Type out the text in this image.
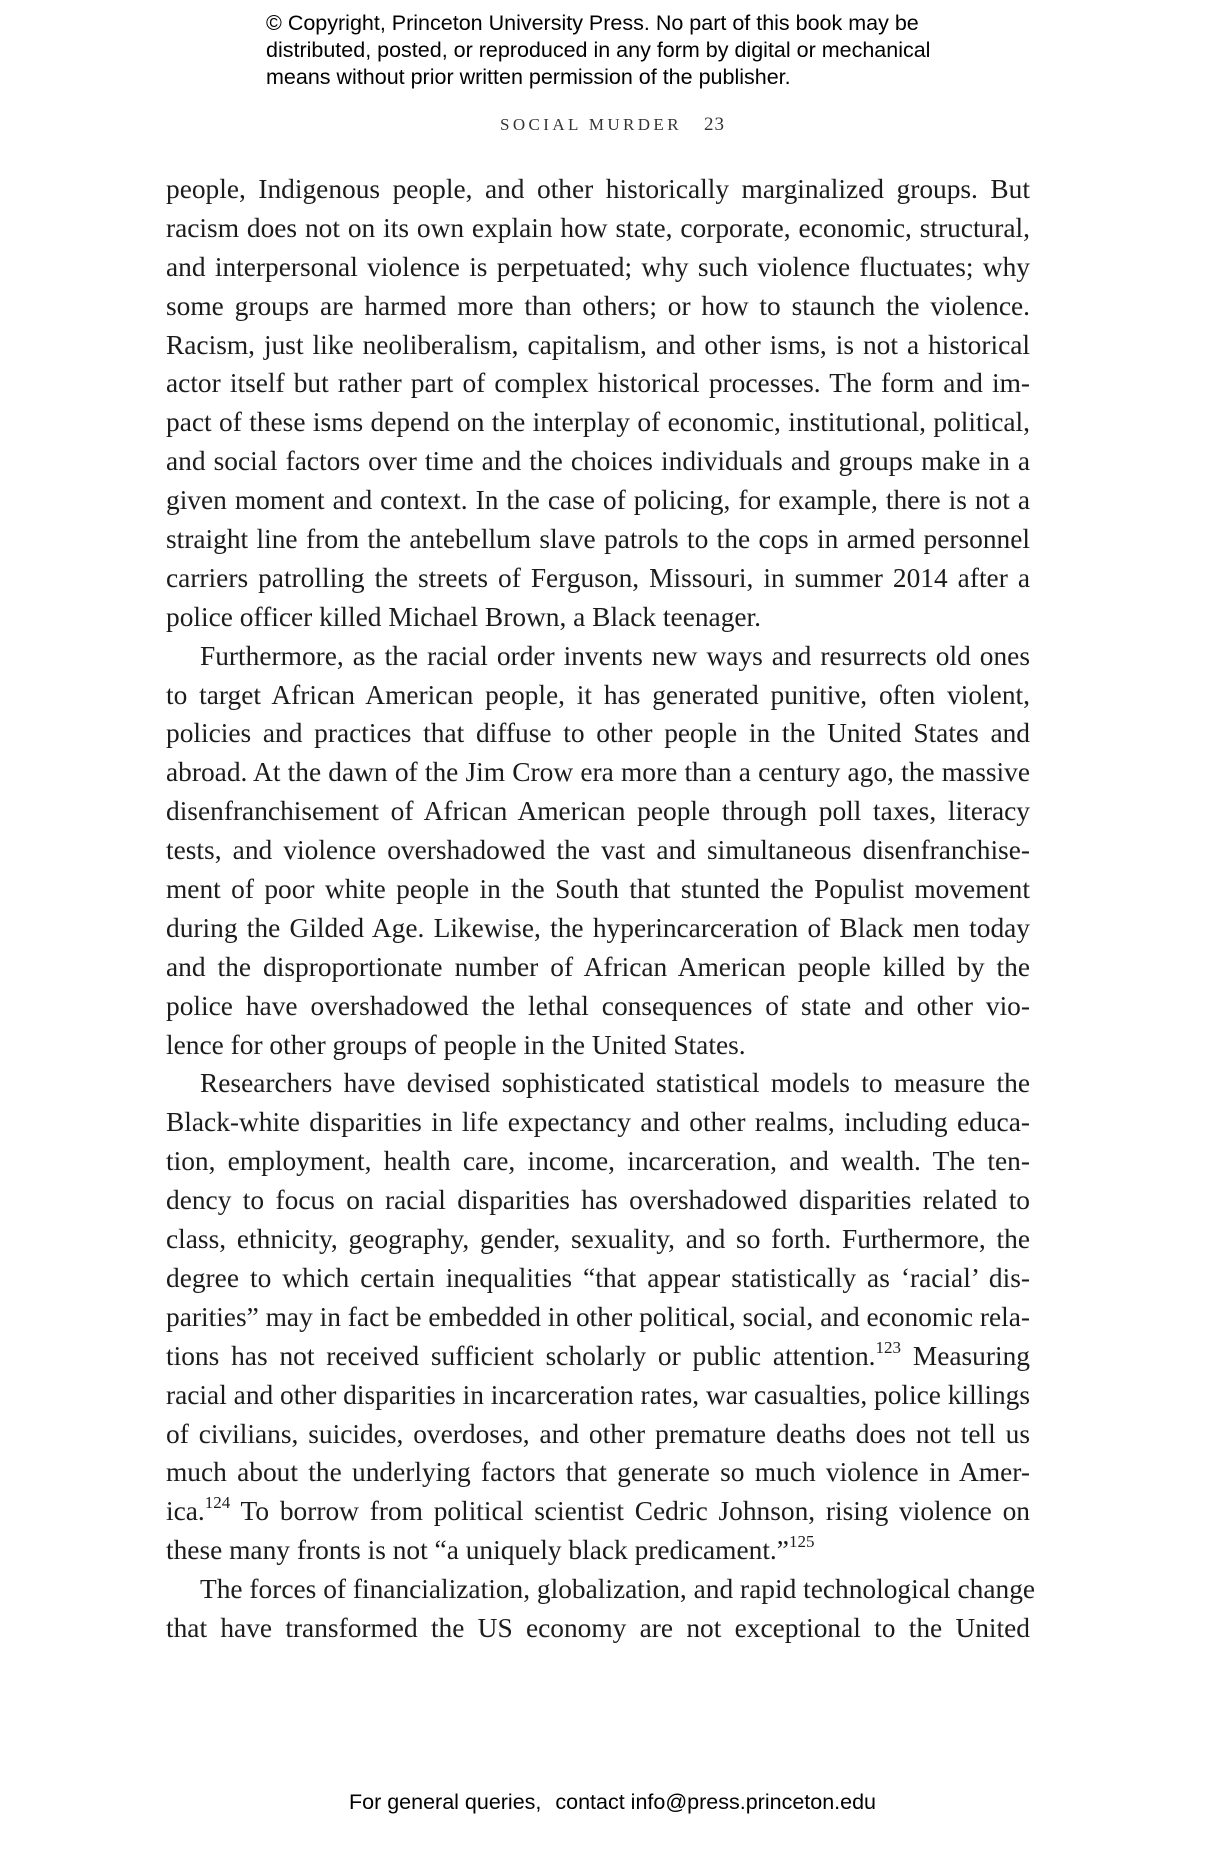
© Copyright, Princeton University Press. No part of this book may be
distributed, posted, or reproduced in any form by digital or mechanical
means without prior written permission of the publisher.
SOCIAL MURDER 23
people, Indigenous people, and other historically marginalized groups. But
racism does not on its own explain how state, corporate, economic, structural,
and interpersonal violence is perpetuated; why such violence fluctuates; why
some groups are harmed more than others; or how to staunch the violence.
Racism, just like neoliberalism, capitalism, and other isms, is not a historical
actor itself but rather part of complex historical processes. The form and im-
pact of these isms depend on the interplay of economic, institutional, political,
and social factors over time and the choices individuals and groups make in a
given moment and context. In the case of policing, for example, there is not a
straight line from the antebellum slave patrols to the cops in armed personnel
carriers patrolling the streets of Ferguson, Missouri, in summer 2014 after a
police officer killed Michael Brown, a Black teenager.
Furthermore, as the racial order invents new ways and resurrects old ones
to target African American people, it has generated punitive, often violent,
policies and practices that diffuse to other people in the United States and
abroad. At the dawn of the Jim Crow era more than a century ago, the massive
disenfranchisement of African American people through poll taxes, literacy
tests, and violence overshadowed the vast and simultaneous disenfranchise-
ment of poor white people in the South that stunted the Populist movement
during the Gilded Age. Likewise, the hyperincarceration of Black men today
and the disproportionate number of African American people killed by the
police have overshadowed the lethal consequences of state and other vio-
lence for other groups of people in the United States.
Researchers have devised sophisticated statistical models to measure the
Black-white disparities in life expectancy and other realms, including educa-
tion, employment, health care, income, incarceration, and wealth. The ten-
dency to focus on racial disparities has overshadowed disparities related to
class, ethnicity, geography, gender, sexuality, and so forth. Furthermore, the
degree to which certain inequalities “that appear statistically as ‘racial’ dis-
parities” may in fact be embedded in other political, social, and economic rela-
tions has not received sufficient scholarly or public attention.$^{123}$ Measuring
racial and other disparities in incarceration rates, war casualties, police killings
of civilians, suicides, overdoses, and other premature deaths does not tell us
much about the underlying factors that generate so much violence in Amer-
ica.$^{124}$ To borrow from political scientist Cedric Johnson, rising violence on
these many fronts is not “a uniquely black predicament.”$^{125}$
The forces of financialization, globalization, and rapid technological change
that have transformed the US economy are not exceptional to the United
For general queries, contact info@press.princeton.edu
